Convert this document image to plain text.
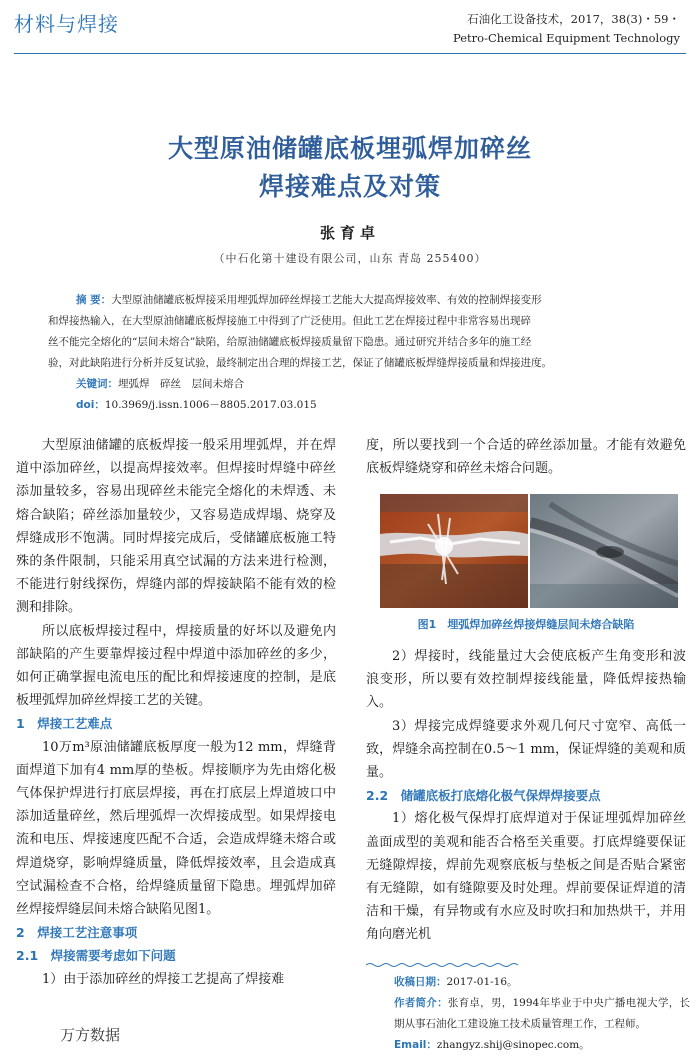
材料与焊接	石油化工设备技术，2017，38(3)・59・
Petro-Chemical Equipment Technology
大型原油储罐底板埋弧焊加碎丝
焊接难点及对策
张育卓
（中石化第十建设有限公司，山东 青岛 255400）

摘 要：大型原油储罐底板焊接采用埋弧焊加碎丝焊接工艺能大大提高焊接效率、有效的控制焊接变形

和焊接热输入，在大型原油储罐底板焊接施工中得到了广泛使用。但此工艺在焊接过程中非常容易出现碎

丝不能完全熔化的“层间未熔合”缺陷，给原油储罐底板焊接质量留下隐患。通过研究并结合多年的施工经

验，对此缺陷进行分析并反复试验，最终制定出合理的焊接工艺，保证了储罐底板焊缝焊接质量和焊接进度。

关键词：埋弧焊　碎丝　层间未熔合

doi：10.3969/j.issn.1006－8805.2017.03.015

大型原油储罐的底板焊接一般采用埋弧焊，并在焊道中添加碎丝，以提高焊接效率。但焊接时焊缝中碎丝添加量较多，容易出现碎丝未能完全熔化的未焊透、未熔合缺陷；碎丝添加量较少，又容易造成焊塌、烧穿及焊缝成形不饱满。同时焊接完成后，受储罐底板施工特殊的条件限制，只能采用真空试漏的方法来进行检测，不能进行射线探伤，焊缝内部的焊接缺陷不能有效的检测和排除。

所以底板焊接过程中，焊接质量的好坏以及避免内部缺陷的产生要靠焊接过程中焊道中添加碎丝的多少，如何正确掌握电流电压的配比和焊接速度的控制，是底板埋弧焊加碎丝焊接工艺的关键。

1　焊接工艺难点

10万m³原油储罐底板厚度一般为12 mm，焊缝背面焊道下加有4 mm厚的垫板。焊接顺序为先由熔化极气体保护焊进行打底层焊接，再在打底层上焊道坡口中添加适量碎丝，然后埋弧焊一次焊接成型。如果焊接电流和电压、焊接速度匹配不合适，会造成焊缝未熔合或焊道烧穿，影响焊缝质量，降低焊接效率，且会造成真空试漏检查不合格，给焊缝质量留下隐患。埋弧焊加碎丝焊接焊缝层间未熔合缺陷见图1。

2　焊接工艺注意事项

2.1　焊接需要考虑如下问题

1）由于添加碎丝的焊接工艺提高了焊接难

度，所以要找到一个合适的碎丝添加量。才能有效避免底板焊缝烧穿和碎丝未熔合问题。

图1　埋弧焊加碎丝焊接焊缝层间未熔合缺陷

2）焊接时，线能量过大会使底板产生角变形和波浪变形，所以要有效控制焊接线能量，降低焊接热输入。

3）焊接完成焊缝要求外观几何尺寸宽窄、高低一致，焊缝余高控制在0.5～1 mm，保证焊缝的美观和质量。

2.2　储罐底板打底熔化极气保焊焊接要点

1）熔化极气保焊打底焊道对于保证埋弧焊加碎丝盖面成型的美观和能否合格至关重要。打底焊缝要保证无缝隙焊接，焊前先观察底板与垫板之间是否贴合紧密有无缝隙，如有缝隙要及时处理。焊前要保证焊道的清洁和干燥，有异物或有水应及时吹扫和加热烘干，并用角向磨光机

收稿日期：2017-01-16。

作者简介：张育卓，男，1994年毕业于中央广播电视大学，长期从事石油化工建设施工技术质量管理工作，工程师。

Email：zhangyz.shij@sinopec.com。

万方数据
